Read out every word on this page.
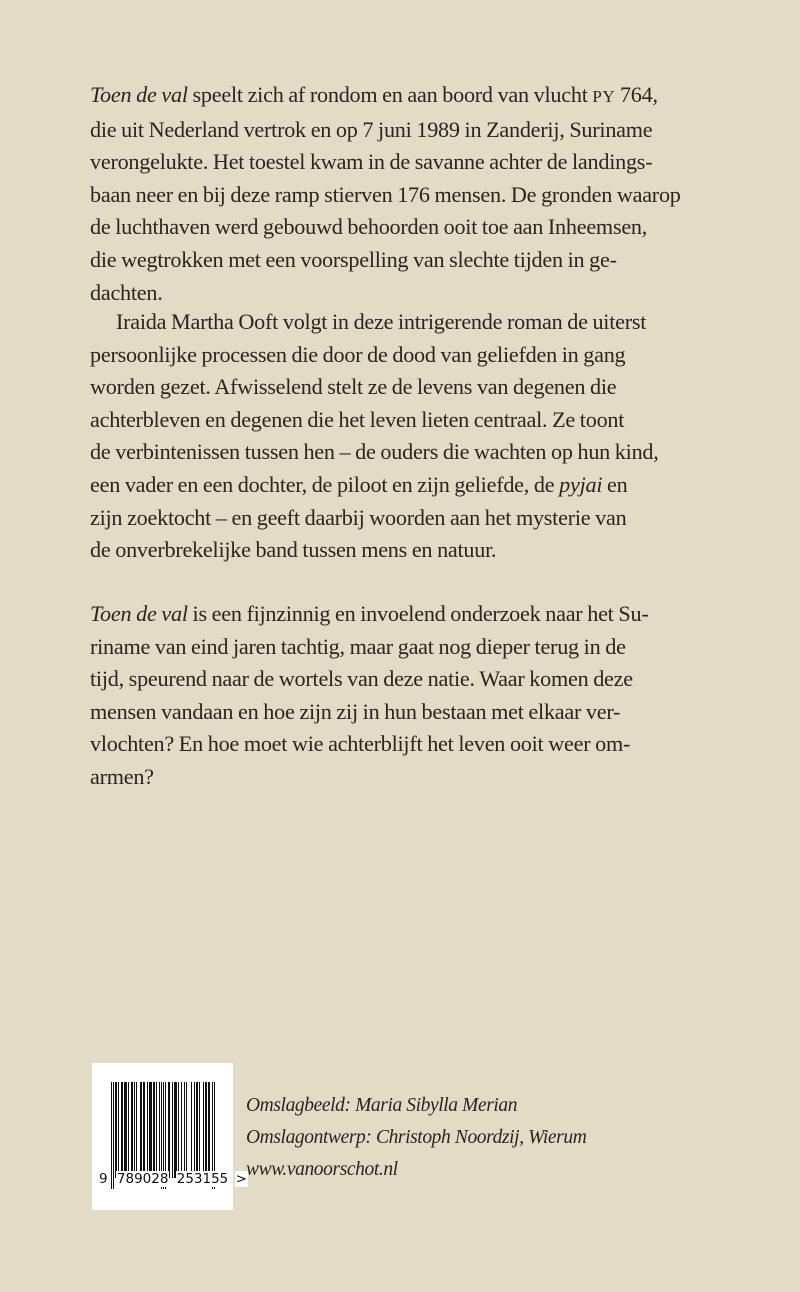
Toen de val speelt zich af rondom en aan boord van vlucht PY 764,
die uit Nederland vertrok en op 7 juni 1989 in Zanderij, Suriname
verongelukte. Het toestel kwam in de savanne achter de landings-
baan neer en bij deze ramp stierven 176 mensen. De gronden waarop
de luchthaven werd gebouwd behoorden ooit toe aan Inheemsen,
die wegtrokken met een voorspelling van slechte tijden in ge-
dachten.
Iraida Martha Ooft volgt in deze intrigerende roman de uiterst
persoonlijke processen die door de dood van geliefden in gang
worden gezet. Afwisselend stelt ze de levens van degenen die
achterbleven en degenen die het leven lieten centraal. Ze toont
de verbintenissen tussen hen – de ouders die wachten op hun kind,
een vader en een dochter, de piloot en zijn geliefde, de pyjai en
zijn zoektocht – en geeft daarbij woorden aan het mysterie van
de onverbrekelijke band tussen mens en natuur.
Toen de val is een fijnzinnig en invoelend onderzoek naar het Su-
riname van eind jaren tachtig, maar gaat nog dieper terug in de
tijd, speurend naar de wortels van deze natie. Waar komen deze
mensen vandaan en hoe zijn zij in hun bestaan met elkaar ver-
vlochten? En hoe moet wie achterblijft het leven ooit weer om-
armen?
9 789028 253155 >
Omslagbeeld: Maria Sibylla Merian
Omslagontwerp: Christoph Noordzij, Wierum
www.vanoorschot.nl
